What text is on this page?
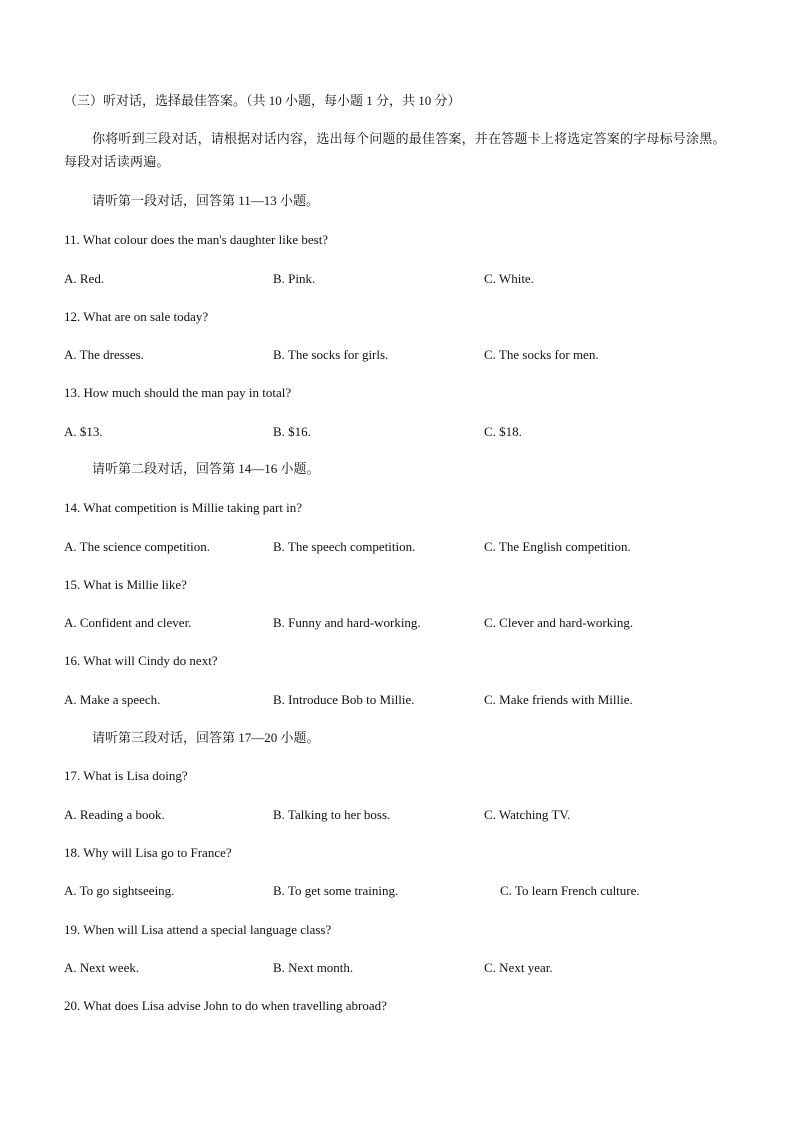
（三）听对话，选择最佳答案。（共 10 小题，每小题 1 分，共 10 分）
你将听到三段对话，请根据对话内容，选出每个问题的最佳答案，并在答题卡上将选定答案的字母标号涂黑。每段对话读两遍。
请听第一段对话，回答第 11—13 小题。
11. What colour does the man's daughter like best?
A. Red.	B. Pink.	C. White.
12. What are on sale today?
A. The dresses.	B. The socks for girls.	C. The socks for men.
13. How much should the man pay in total?
A. $13.	B. $16.	C. $18.
请听第二段对话，回答第 14—16 小题。
14. What competition is Millie taking part in?
A. The science competition.	B. The speech competition.	C. The English competition.
15. What is Millie like?
A. Confident and clever.	B. Funny and hard-working.	C. Clever and hard-working.
16. What will Cindy do next?
A. Make a speech.	B. Introduce Bob to Millie.	C. Make friends with Millie.
请听第三段对话，回答第 17—20 小题。
17. What is Lisa doing?
A. Reading a book.	B. Talking to her boss.	C. Watching TV.
18. Why will Lisa go to France?
A. To go sightseeing.	B. To get some training.	C. To learn French culture.
19. When will Lisa attend a special language class?
A. Next week.	B. Next month.	C. Next year.
20. What does Lisa advise John to do when travelling abroad?
